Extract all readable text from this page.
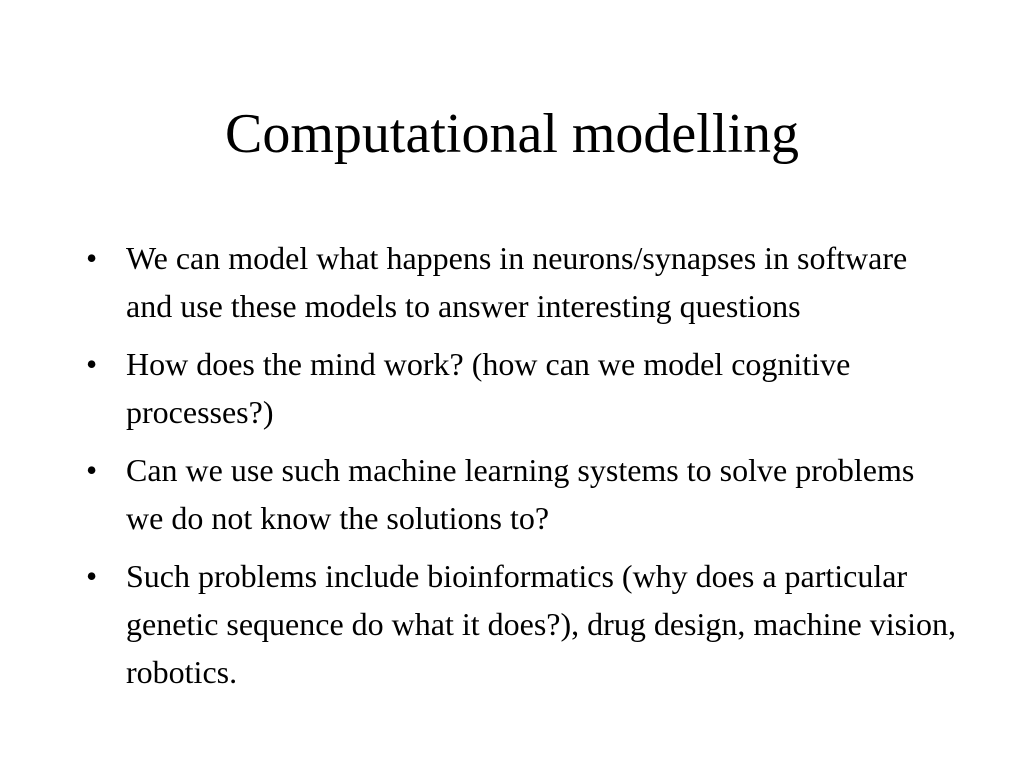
Computational modelling
• We can model what happens in neurons/synapses in software and use these models to answer interesting questions
• How does the mind work? (how can we model cognitive processes?)
• Can we use such machine learning systems to solve problems we do not know the solutions to?
• Such problems include bioinformatics (why does a particular genetic sequence do what it does?), drug design, machine vision, robotics.
